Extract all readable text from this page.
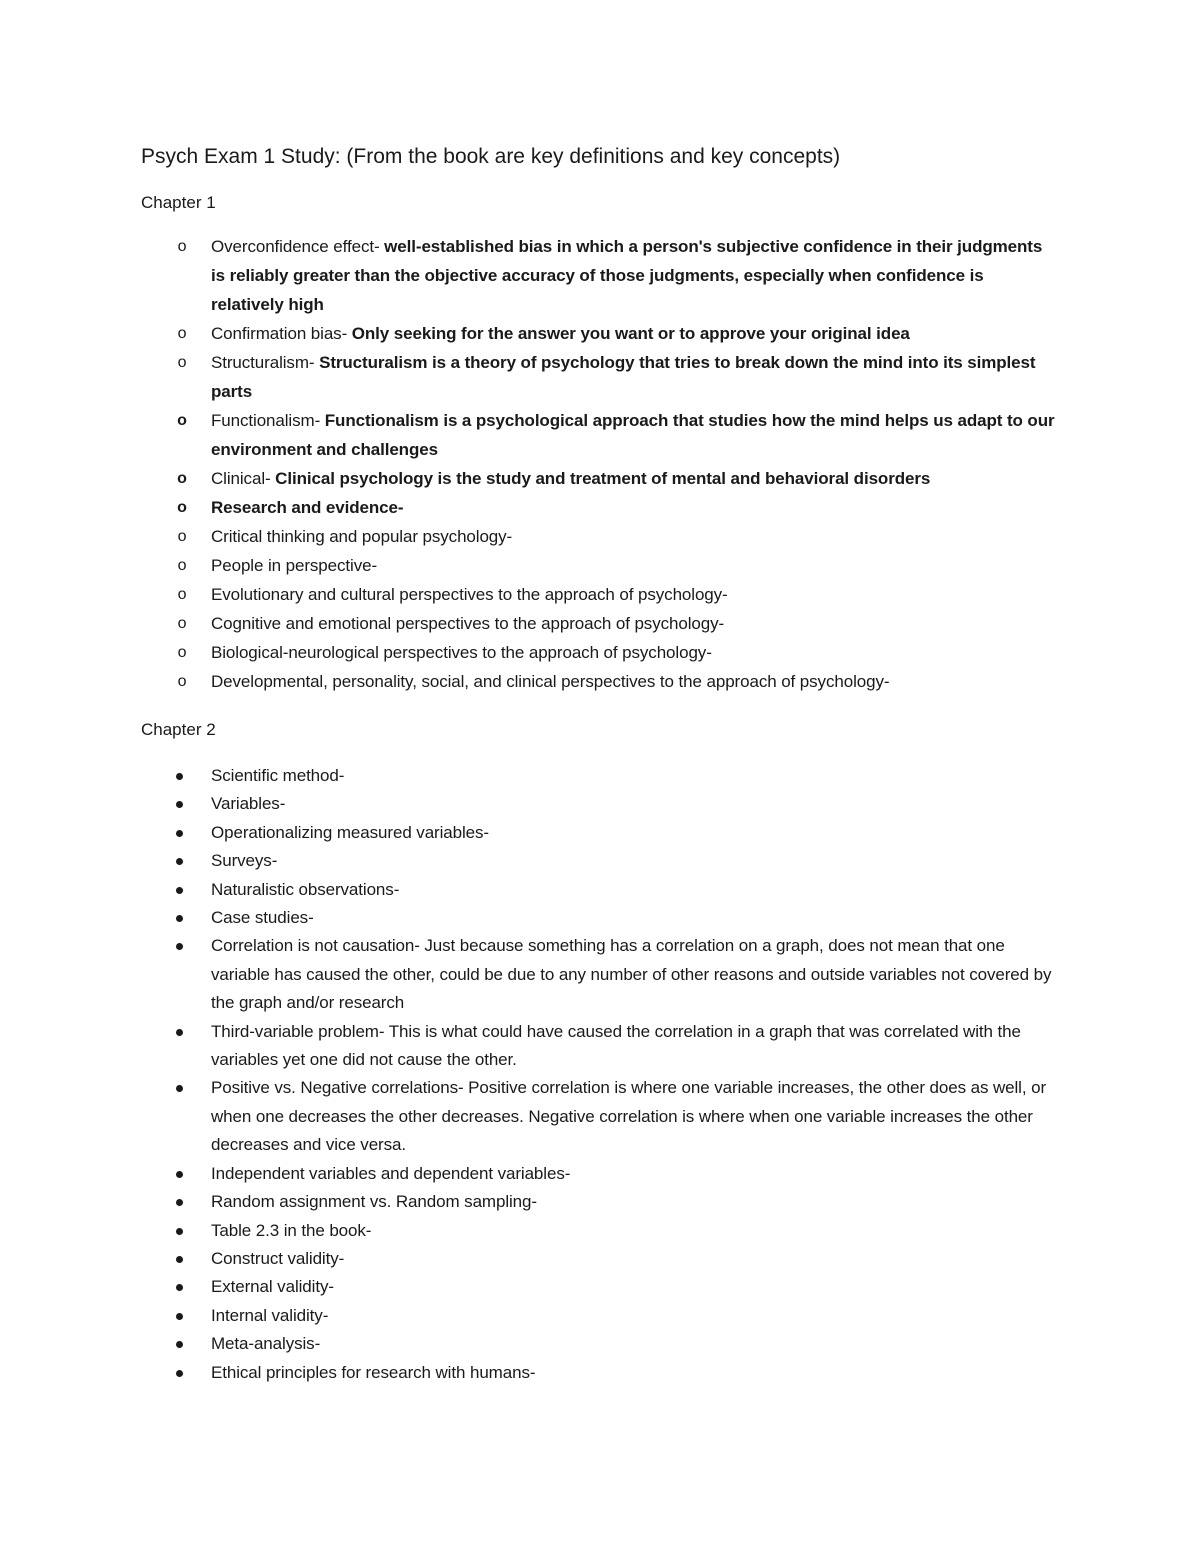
Psych Exam 1 Study: (From the book are key definitions and key concepts)
Chapter 1
o Overconfidence effect- well-established bias in which a person's subjective confidence in their judgments is reliably greater than the objective accuracy of those judgments, especially when confidence is relatively high
o Confirmation bias- Only seeking for the answer you want or to approve your original idea
o Structuralism- Structuralism is a theory of psychology that tries to break down the mind into its simplest parts
o Functionalism- Functionalism is a psychological approach that studies how the mind helps us adapt to our environment and challenges
o Clinical- Clinical psychology is the study and treatment of mental and behavioral disorders
o Research and evidence-
o Critical thinking and popular psychology-
o People in perspective-
o Evolutionary and cultural perspectives to the approach of psychology-
o Cognitive and emotional perspectives to the approach of psychology-
o Biological-neurological perspectives to the approach of psychology-
o Developmental, personality, social, and clinical perspectives to the approach of psychology-
Chapter 2
Scientific method-
Variables-
Operationalizing measured variables-
Surveys-
Naturalistic observations-
Case studies-
Correlation is not causation- Just because something has a correlation on a graph, does not mean that one variable has caused the other, could be due to any number of other reasons and outside variables not covered by the graph and/or research
Third-variable problem- This is what could have caused the correlation in a graph that was correlated with the variables yet one did not cause the other.
Positive vs. Negative correlations- Positive correlation is where one variable increases, the other does as well, or when one decreases the other decreases. Negative correlation is where when one variable increases the other decreases and vice versa.
Independent variables and dependent variables-
Random assignment vs. Random sampling-
Table 2.3 in the book-
Construct validity-
External validity-
Internal validity-
Meta-analysis-
Ethical principles for research with humans-
